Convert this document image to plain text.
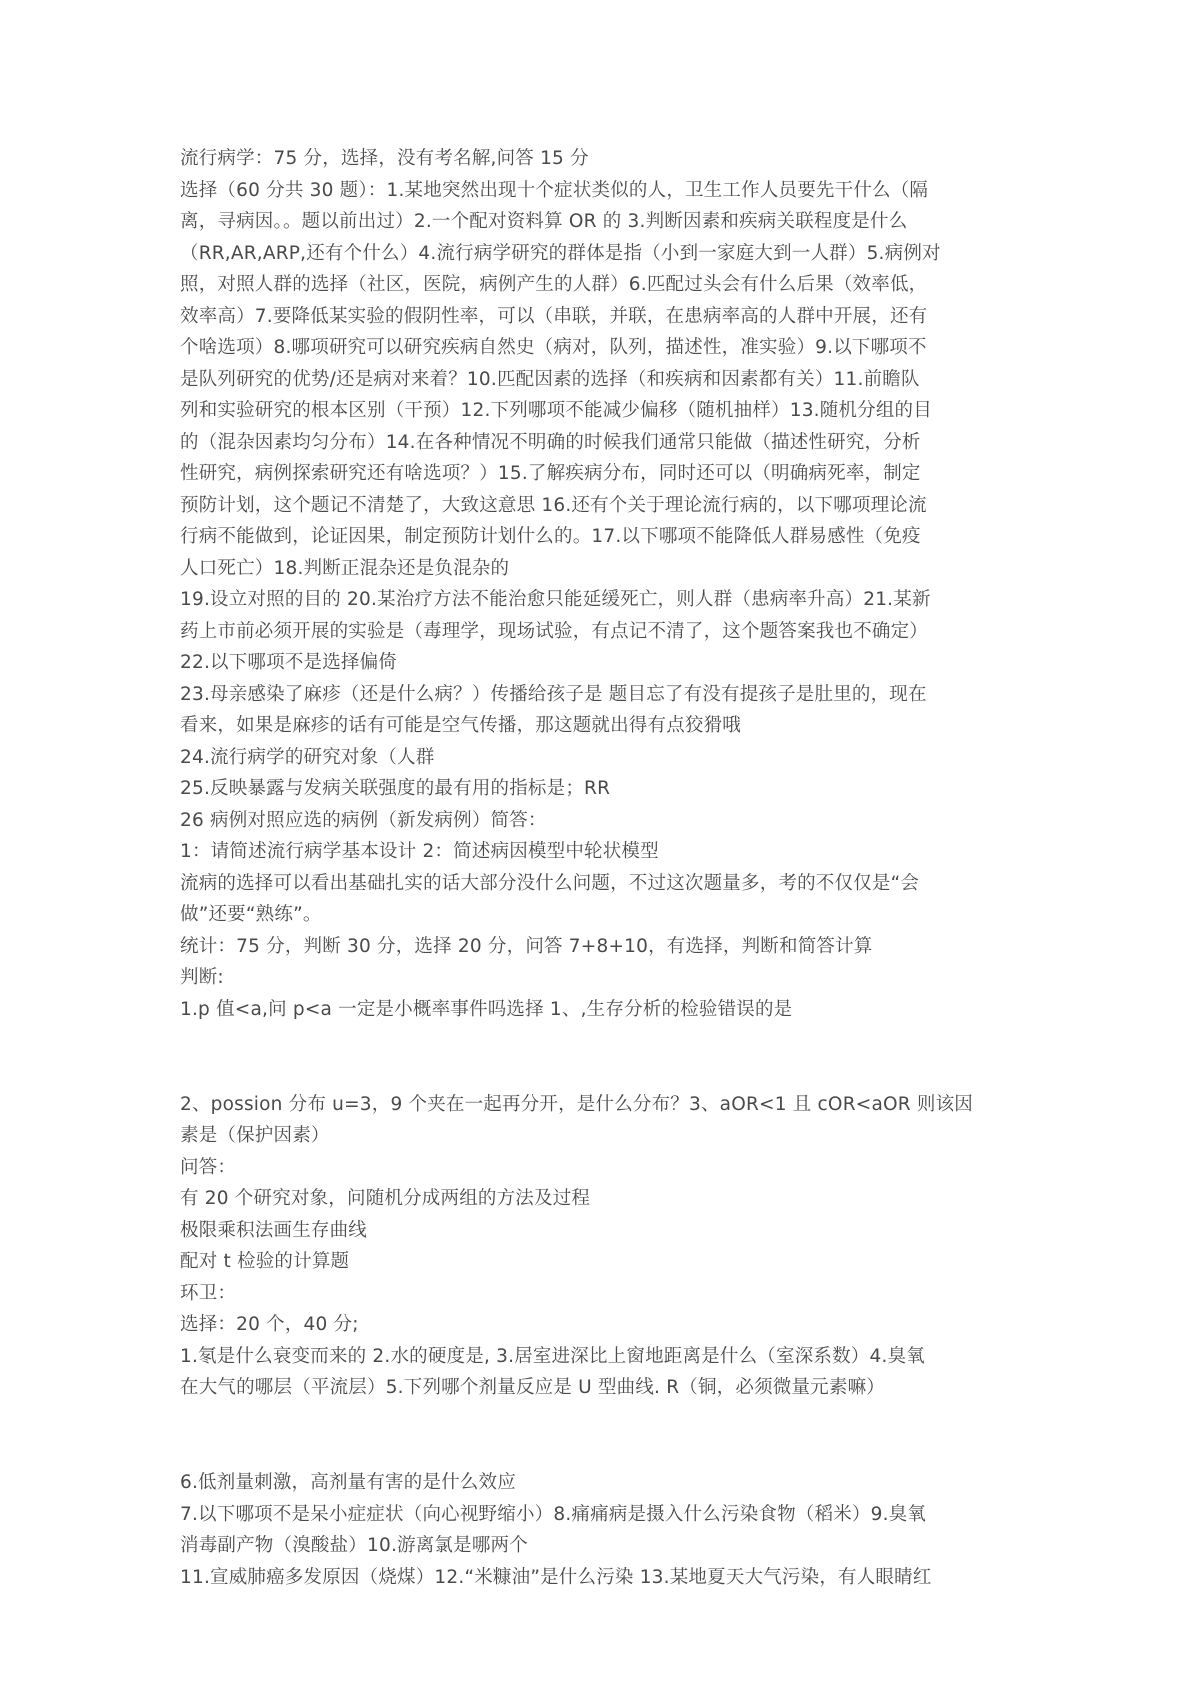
流行病学：75 分，选择，没有考名解,问答 15 分

选择（60 分共 30 题）：1.某地突然出现十个症状类似的人，卫生工作人员要先干什么（隔

离，寻病因。。题以前出过）2.一个配对资料算 OR 的 3.判断因素和疾病关联程度是什么

（RR,AR,ARP,还有个什么）4.流行病学研究的群体是指（小到一家庭大到一人群）5.病例对

照，对照人群的选择（社区，医院，病例产生的人群）6.匹配过头会有什么后果（效率低，

效率高）7.要降低某实验的假阴性率，可以（串联，并联，在患病率高的人群中开展，还有

个啥选项）8.哪项研究可以研究疾病自然史（病对，队列，描述性，准实验）9.以下哪项不

是队列研究的优势/还是病对来着？10.匹配因素的选择（和疾病和因素都有关）11.前瞻队

列和实验研究的根本区别（干预）12.下列哪项不能减少偏移（随机抽样）13.随机分组的目

的（混杂因素均匀分布）14.在各种情况不明确的时候我们通常只能做（描述性研究，分析

性研究，病例探索研究还有啥选项？）15.了解疾病分布，同时还可以（明确病死率，制定

预防计划，这个题记不清楚了，大致这意思 16.还有个关于理论流行病的，以下哪项理论流

行病不能做到，论证因果，制定预防计划什么的。17.以下哪项不能降低人群易感性（免疫

人口死亡）18.判断正混杂还是负混杂的

19.设立对照的目的 20.某治疗方法不能治愈只能延缓死亡，则人群（患病率升高）21.某新

药上市前必须开展的实验是（毒理学，现场试验，有点记不清了，这个题答案我也不确定）

22.以下哪项不是选择偏倚

23.母亲感染了麻疹（还是什么病？）传播给孩子是 题目忘了有没有提孩子是肚里的，现在

看来，如果是麻疹的话有可能是空气传播，那这题就出得有点狡猾哦

24.流行病学的研究对象（人群

25.反映暴露与发病关联强度的最有用的指标是；RR

26 病例对照应选的病例（新发病例）简答：

1：请简述流行病学基本设计 2：简述病因模型中轮状模型

流病的选择可以看出基础扎实的话大部分没什么问题，不过这次题量多，考的不仅仅是“会

做”还要“熟练”。

统计：75 分，判断 30 分，选择 20 分，问答 7+8+10，有选择，判断和简答计算

判断:

1.p 值<a,问 p<a 一定是小概率事件吗选择 1、,生存分析的检验错误的是

2、possion 分布 u=3，9 个夹在一起再分开，是什么分布？3、aOR<1 且 cOR<aOR 则该因

素是（保护因素）

问答：

有 20 个研究对象，问随机分成两组的方法及过程

极限乘积法画生存曲线

配对 t 检验的计算题

环卫：

选择：20 个，40 分;

1.氡是什么衰变而来的 2.水的硬度是, 3.居室进深比上窗地距离是什么（室深系数）4.臭氧

在大气的哪层（平流层）5.下列哪个剂量反应是 U 型曲线. R（铜，必须微量元素嘛）

6.低剂量刺激，高剂量有害的是什么效应

7.以下哪项不是呆小症症状（向心视野缩小）8.痛痛病是摄入什么污染食物（稻米）9.臭氧

消毒副产物（溴酸盐）10.游离氯是哪两个

11.宣威肺癌多发原因（烧煤）12.“米糠油”是什么污染 13.某地夏天大气污染，有人眼睛红
